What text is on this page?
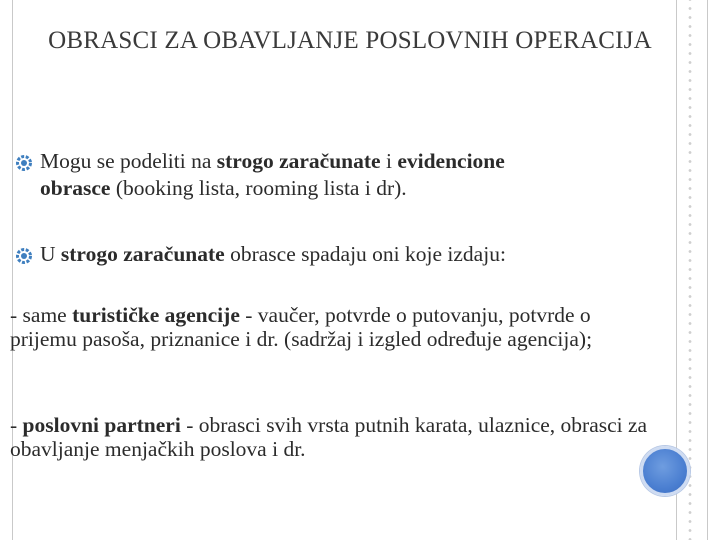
OBRASCI ZA OBAVLJANJE POSLOVNIH OPERACIJA
Mogu se podeliti na strogo zaračunate i evidencione
obrasce (booking lista, rooming lista i dr).
U strogo zaračunate obrasce spadaju oni koje izdaju:
- same turističke agencije - vaučer, potvrde o putovanju, potvrde o prijemu pasoša, priznanice i dr. (sadržaj i izgled određuje agencija);
- poslovni partneri - obrasci svih vrsta putnih karata, ulaznice, obrasci za obavljanje menjačkih poslova i dr.
